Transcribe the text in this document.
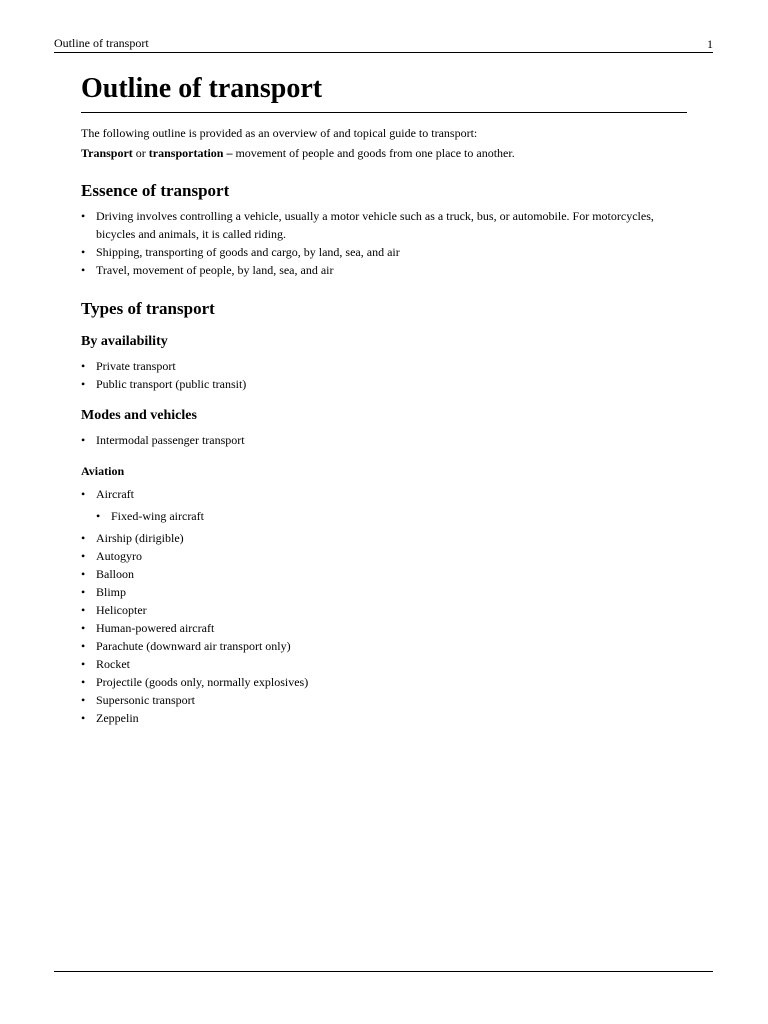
Outline of transport	1
Outline of transport

The following outline is provided as an overview of and topical guide to transport:

Transport or transportation – movement of people and goods from one place to another.

Essence of transport
• Driving involves controlling a vehicle, usually a motor vehicle such as a truck, bus, or automobile. For motorcycles, bicycles and animals, it is called riding.
• Shipping, transporting of goods and cargo, by land, sea, and air
• Travel, movement of people, by land, sea, and air
Types of transport
By availability
• Private transport
• Public transport (public transit)
Modes and vehicles
• Intermodal passenger transport
Aviation
• Aircraft
• Fixed-wing aircraft
• Airship (dirigible)
• Autogyro
• Balloon
• Blimp
• Helicopter
• Human-powered aircraft
• Parachute (downward air transport only)
• Rocket
• Projectile (goods only, normally explosives)
• Supersonic transport
• Zeppelin
